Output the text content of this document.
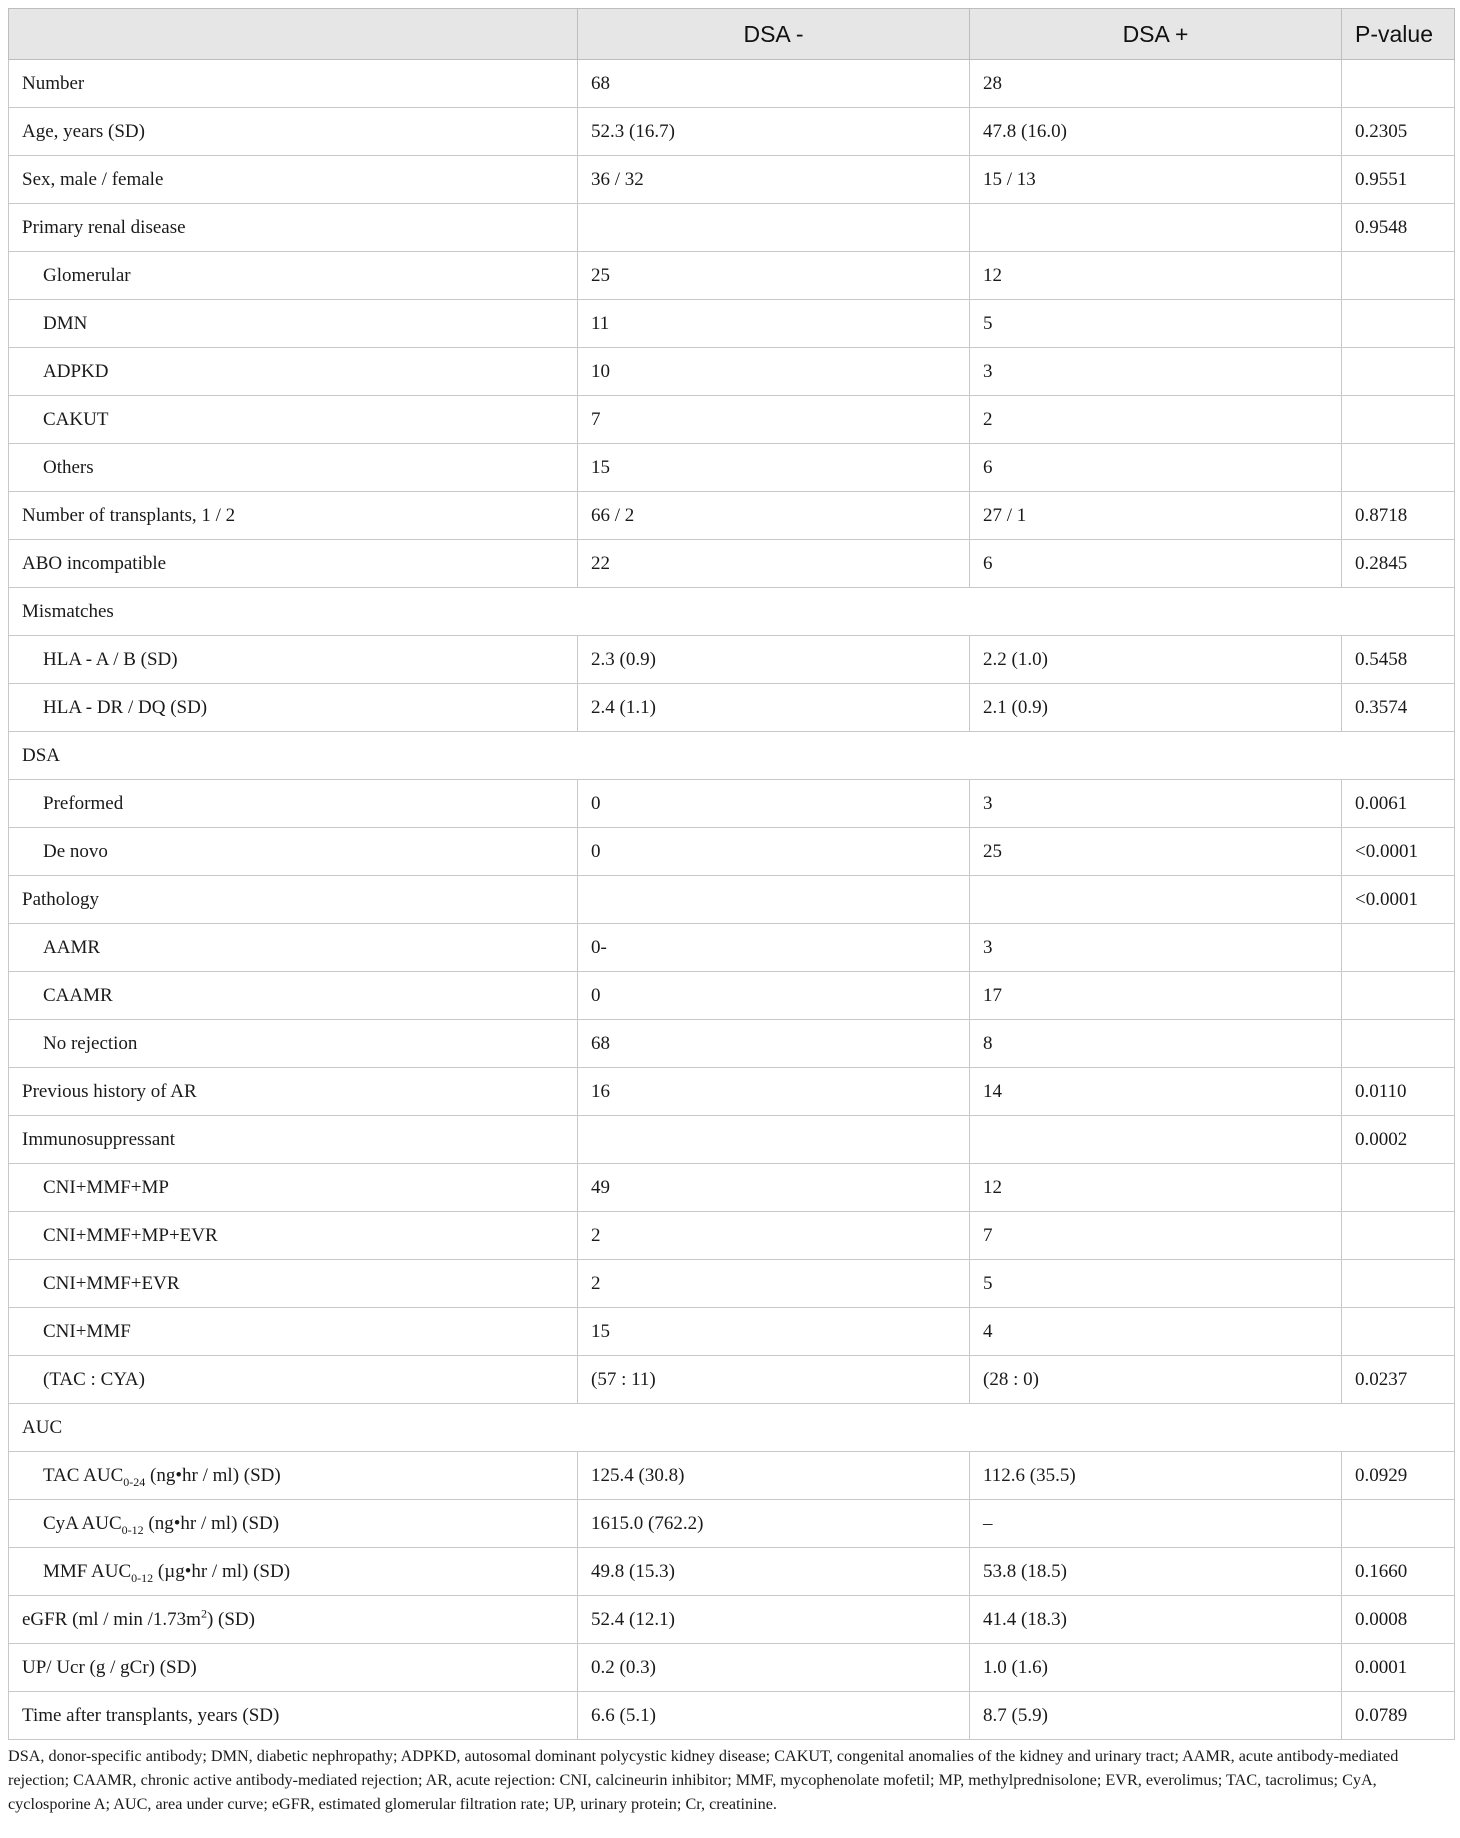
	DSA -	DSA +	P-value
Number	68	28	
Age, years (SD)	52.3 (16.7)	47.8 (16.0)	0.2305
Sex, male / female	36 / 32	15 / 13	0.9551
Primary renal disease			0.9548
Glomerular	25	12	
DMN	11	5	
ADPKD	10	3	
CAKUT	7	2	
Others	15	6	
Number of transplants, 1 / 2	66 / 2	27 / 1	0.8718
ABO incompatible	22	6	0.2845
Mismatches			
HLA - A / B (SD)	2.3 (0.9)	2.2 (1.0)	0.5458
HLA - DR / DQ (SD)	2.4 (1.1)	2.1 (0.9)	0.3574
DSA			
Preformed	0	3	0.0061
De novo	0	25	<0.0001
Pathology			<0.0001
AAMR	0-	3	
CAAMR	0	17	
No rejection	68	8	
Previous history of AR	16	14	0.0110
Immunosuppressant			0.0002
CNI+MMF+MP	49	12	
CNI+MMF+MP+EVR	2	7	
CNI+MMF+EVR	2	5	
CNI+MMF	15	4	
(TAC : CYA)	(57 : 11)	(28 : 0)	0.0237
AUC			
TAC $AUC_{0-24}$ (ng•hr / ml) (SD)	125.4 (30.8)	112.6 (35.5)	0.0929
CyA $AUC_{0-12}$ (ng•hr / ml) (SD)	1615.0 (762.2)	–	
MMF $AUC_{0-12}$ (µg•hr / ml) (SD)	49.8 (15.3)	53.8 (18.5)	0.1660
eGFR $(ml / \min /1.73m^2)$ (SD)	52.4 (12.1)	41.4 (18.3)	0.0008
UP/ Ucr (g / gCr) (SD)	0.2 (0.3)	1.0 (1.6)	0.0001
Time after transplants, years (SD)	6.6 (5.1)	8.7 (5.9)	0.0789
DSA, donor-specific antibody; DMN, diabetic nephropathy; ADPKD, autosomal dominant polycystic kidney disease; CAKUT, congenital anomalies of the kidney and urinary tract; AAMR, acute antibody-mediated rejection; CAAMR, chronic active antibody-mediated rejection; AR, acute rejection: CNI, calcineurin inhibitor; MMF, mycophenolate mofetil; MP, methylprednisolone; EVR, everolimus; TAC, tacrolimus; CyA, cyclosporine A; AUC, area under curve; eGFR, estimated glomerular filtration rate; UP, urinary protein; Cr, creatinine.
